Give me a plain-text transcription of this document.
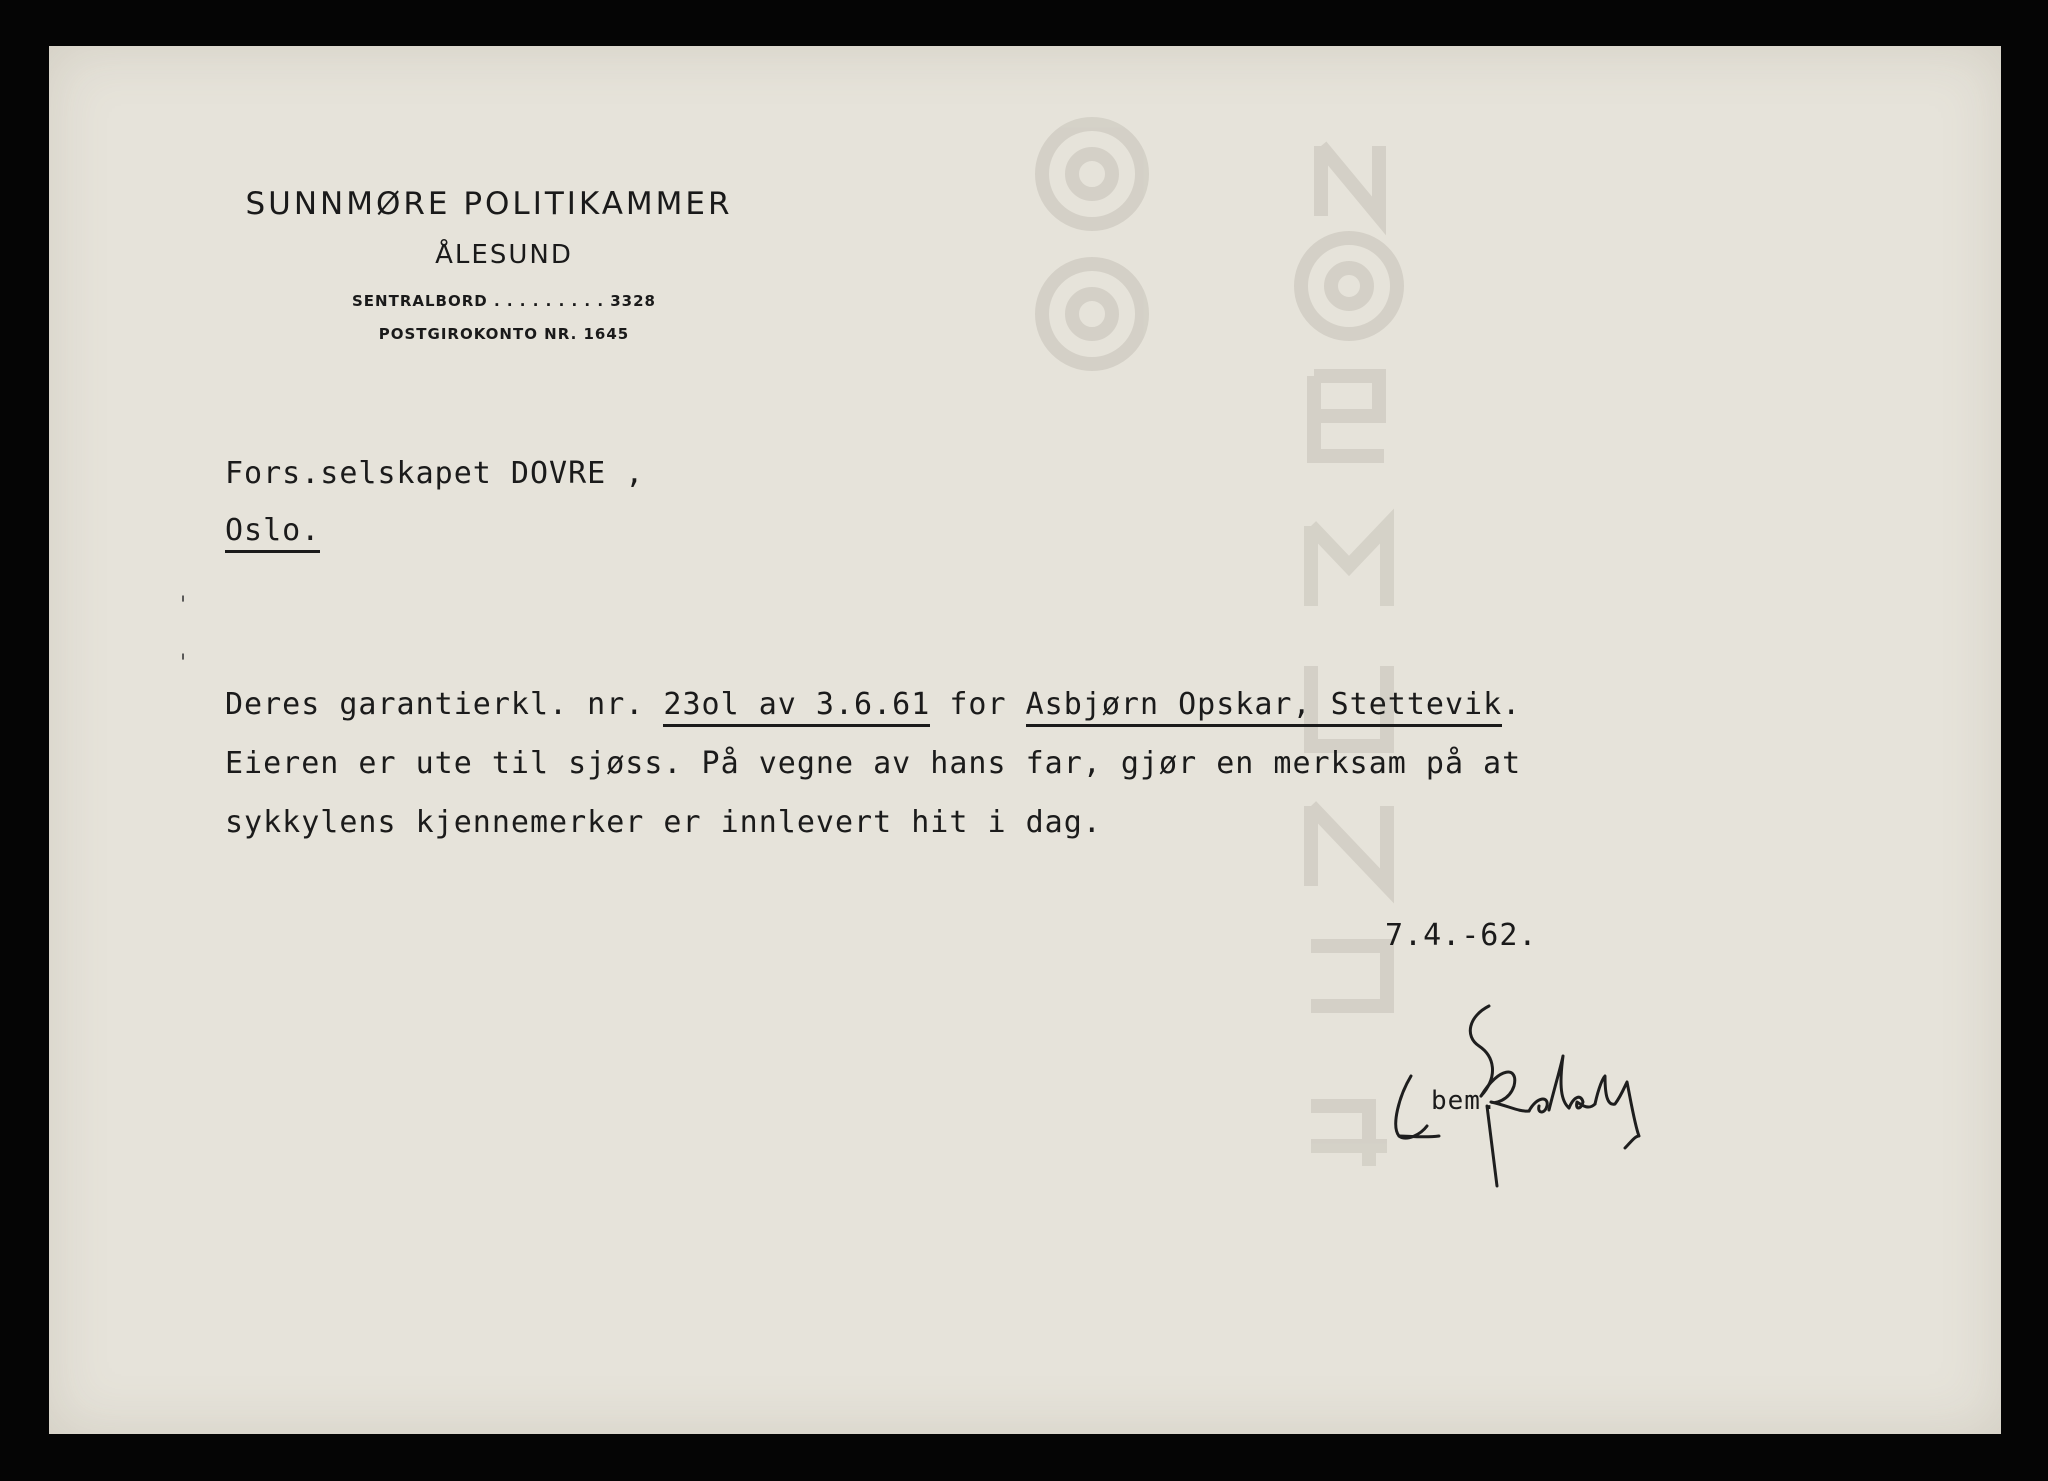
SUNNMØRE POLITIKAMMER
ÅLESUND
SENTRALBORD . . . . . . . . . 3328
POSTGIROKONTO NR. 1645
Fors.selskapet DOVRE ,
Oslo.
'
'
Deres garantierkl. nr. 23ol av 3.6.61 for Asbjørn Opskar, Stettevik.
Eieren er ute til sjøss. På vegne av hans far, gjør en merksam på at
sykkylens kjennemerker er innlevert hit i dag.
7.4.-62.
bem.
